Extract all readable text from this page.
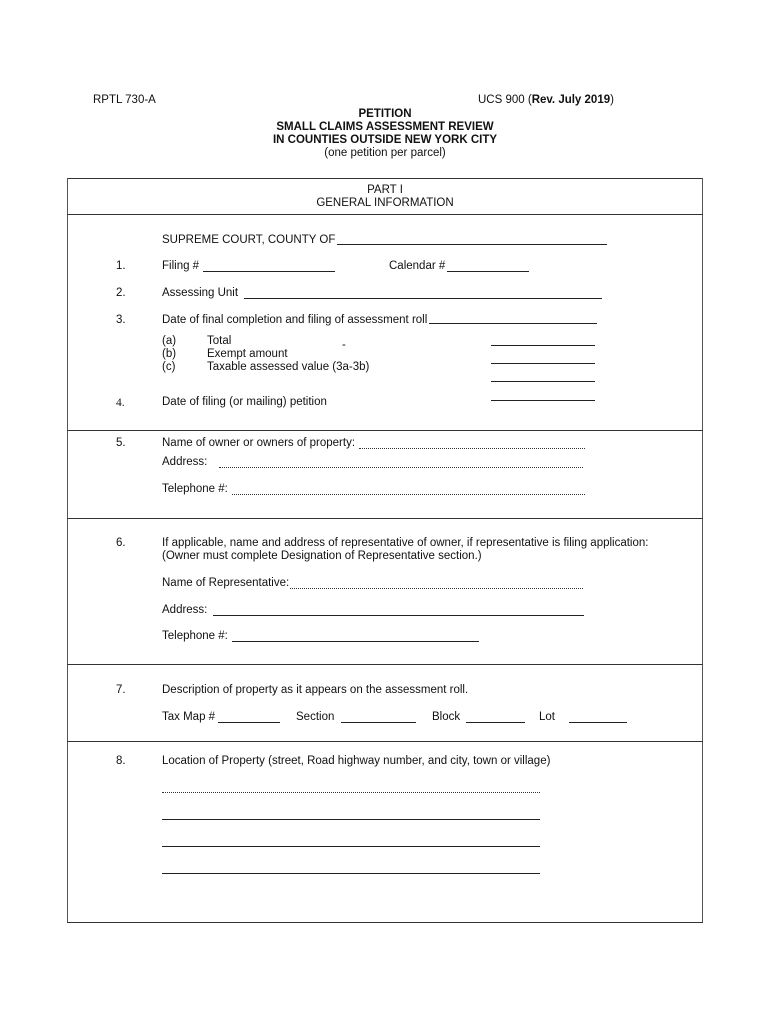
RPTL 730-A	UCS 900 (Rev. July 2019)
PETITION
SMALL CLAIMS ASSESSMENT REVIEW
IN COUNTIES OUTSIDE NEW YORK CITY
(one petition per parcel)
PART I
GENERAL INFORMATION
SUPREME COURT, COUNTY OF
1.	Filing #	Calendar #
2.	Assessing Unit
3.	Date of final completion and filing of assessment roll
(a)	Total	-
(b)	Exempt amount
(c)	Taxable assessed value (3a-3b)
4.	Date of filing (or mailing) petition
5.	Name of owner or owners of property:
Address:
Telephone #:
6.	If applicable, name and address of representative of owner, if representative is filing application:
(Owner must complete Designation of Representative section.)
Name of Representative:
Address:
Telephone #:
7.	Description of property as it appears on the assessment roll.
Tax Map #	Section	Block	Lot
8.	Location of Property (street, Road highway number, and city, town or village)
